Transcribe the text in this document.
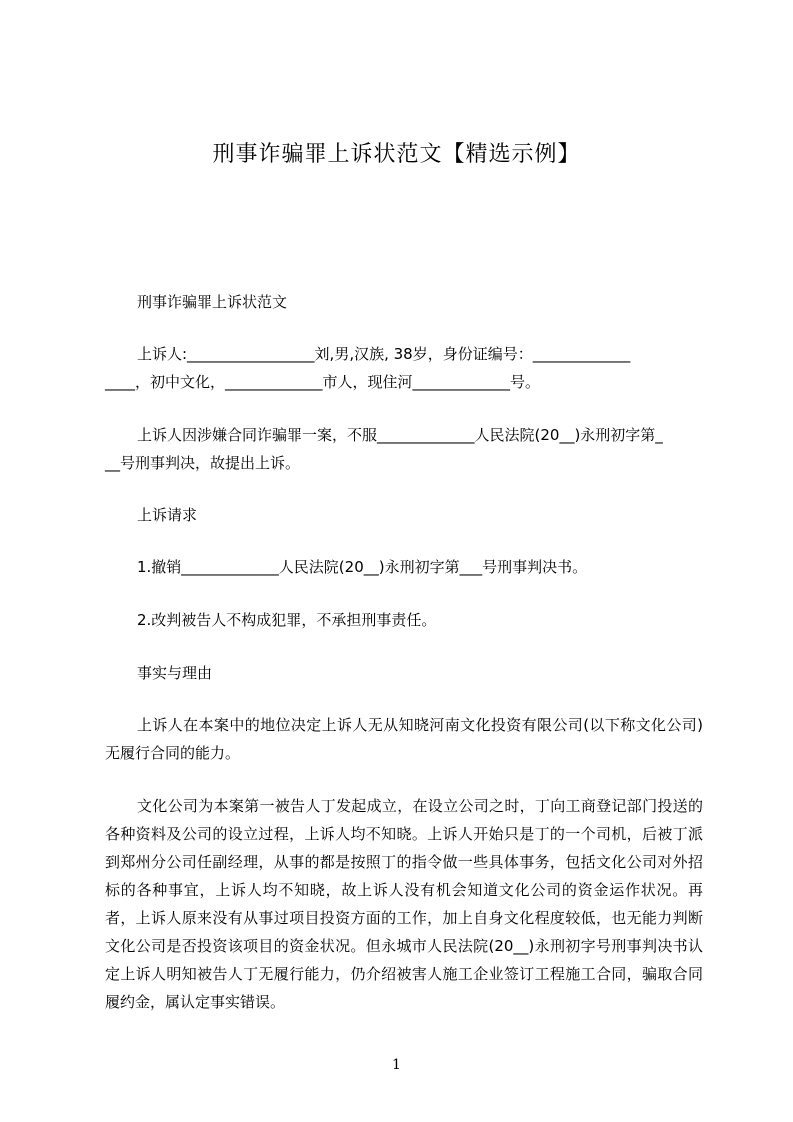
刑事诈骗罪上诉状范文【精选示例】
刑事诈骗罪上诉状范文
上诉人:_________________刘,男,汉族, 38岁，身份证编号：_____________
____，初中文化，_____________市人，现住河_____________号。
上诉人因涉嫌合同诈骗罪一案，不服_____________人民法院(20__)永刑初字第_
__号刑事判决，故提出上诉。
上诉请求
1.撤销_____________人民法院(20__)永刑初字第___号刑事判决书。
2.改判被告人不构成犯罪，不承担刑事责任。
事实与理由

上诉人在本案中的地位决定上诉人无从知晓河南文化投资有限公司(以下称文化公司)无履行合同的能力。

文化公司为本案第一被告人丁发起成立，在设立公司之时，丁向工商登记部门投送的各种资料及公司的设立过程，上诉人均不知晓。上诉人开始只是丁的一个司机，后被丁派到郑州分公司任副经理，从事的都是按照丁的指令做一些具体事务，包括文化公司对外招标的各种事宜，上诉人均不知晓，故上诉人没有机会知道文化公司的资金运作状况。再者，上诉人原来没有从事过项目投资方面的工作，加上自身文化程度较低，也无能力判断文化公司是否投资该项目的资金状况。但永城市人民法院(20__)永刑初字号刑事判决书认定上诉人明知被告人丁无履行能力，仍介绍被害人施工企业签订工程施工合同，骗取合同履约金，属认定事实错误。

1
